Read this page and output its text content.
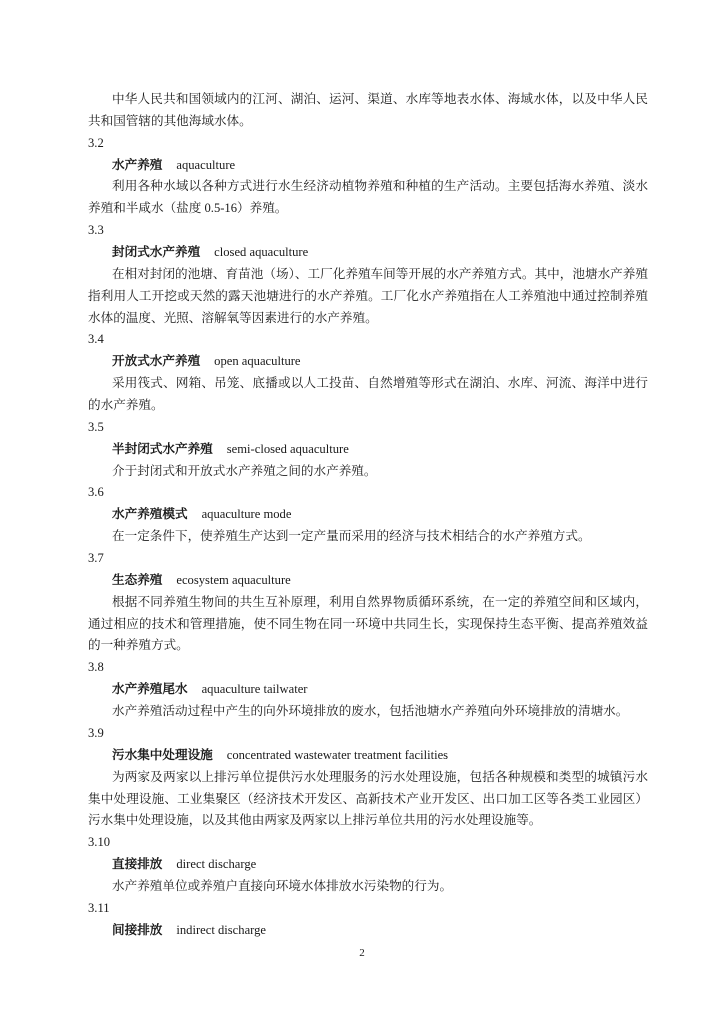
中华人民共和国领域内的江河、湖泊、运河、渠道、水库等地表水体、海域水体，以及中华人民
共和国管辖的其他海域水体。
3.2
水产养殖 aquaculture
利用各种水域以各种方式进行水生经济动植物养殖和种植的生产活动。主要包括海水养殖、淡水
养殖和半咸水（盐度 0.5-16）养殖。
3.3
封闭式水产养殖 closed aquaculture
在相对封闭的池塘、育苗池（场）、工厂化养殖车间等开展的水产养殖方式。其中，池塘水产养殖
指利用人工开挖或天然的露天池塘进行的水产养殖。工厂化水产养殖指在人工养殖池中通过控制养殖
水体的温度、光照、溶解氧等因素进行的水产养殖。
3.4
开放式水产养殖 open aquaculture
采用筏式、网箱、吊笼、底播或以人工投苗、自然增殖等形式在湖泊、水库、河流、海洋中进行
的水产养殖。
3.5
半封闭式水产养殖 semi-closed aquaculture
介于封闭式和开放式水产养殖之间的水产养殖。
3.6
水产养殖模式 aquaculture mode
在一定条件下，使养殖生产达到一定产量而采用的经济与技术相结合的水产养殖方式。
3.7
生态养殖 ecosystem aquaculture
根据不同养殖生物间的共生互补原理，利用自然界物质循环系统，在一定的养殖空间和区域内，
通过相应的技术和管理措施，使不同生物在同一环境中共同生长，实现保持生态平衡、提高养殖效益
的一种养殖方式。
3.8
水产养殖尾水 aquaculture tailwater
水产养殖活动过程中产生的向外环境排放的废水，包括池塘水产养殖向外环境排放的清塘水。
3.9
污水集中处理设施 concentrated wastewater treatment facilities
为两家及两家以上排污单位提供污水处理服务的污水处理设施，包括各种规模和类型的城镇污水
集中处理设施、工业集聚区（经济技术开发区、高新技术产业开发区、出口加工区等各类工业园区）
污水集中处理设施，以及其他由两家及两家以上排污单位共用的污水处理设施等。
3.10
直接排放 direct discharge
水产养殖单位或养殖户直接向环境水体排放水污染物的行为。
3.11
间接排放 indirect discharge
2
